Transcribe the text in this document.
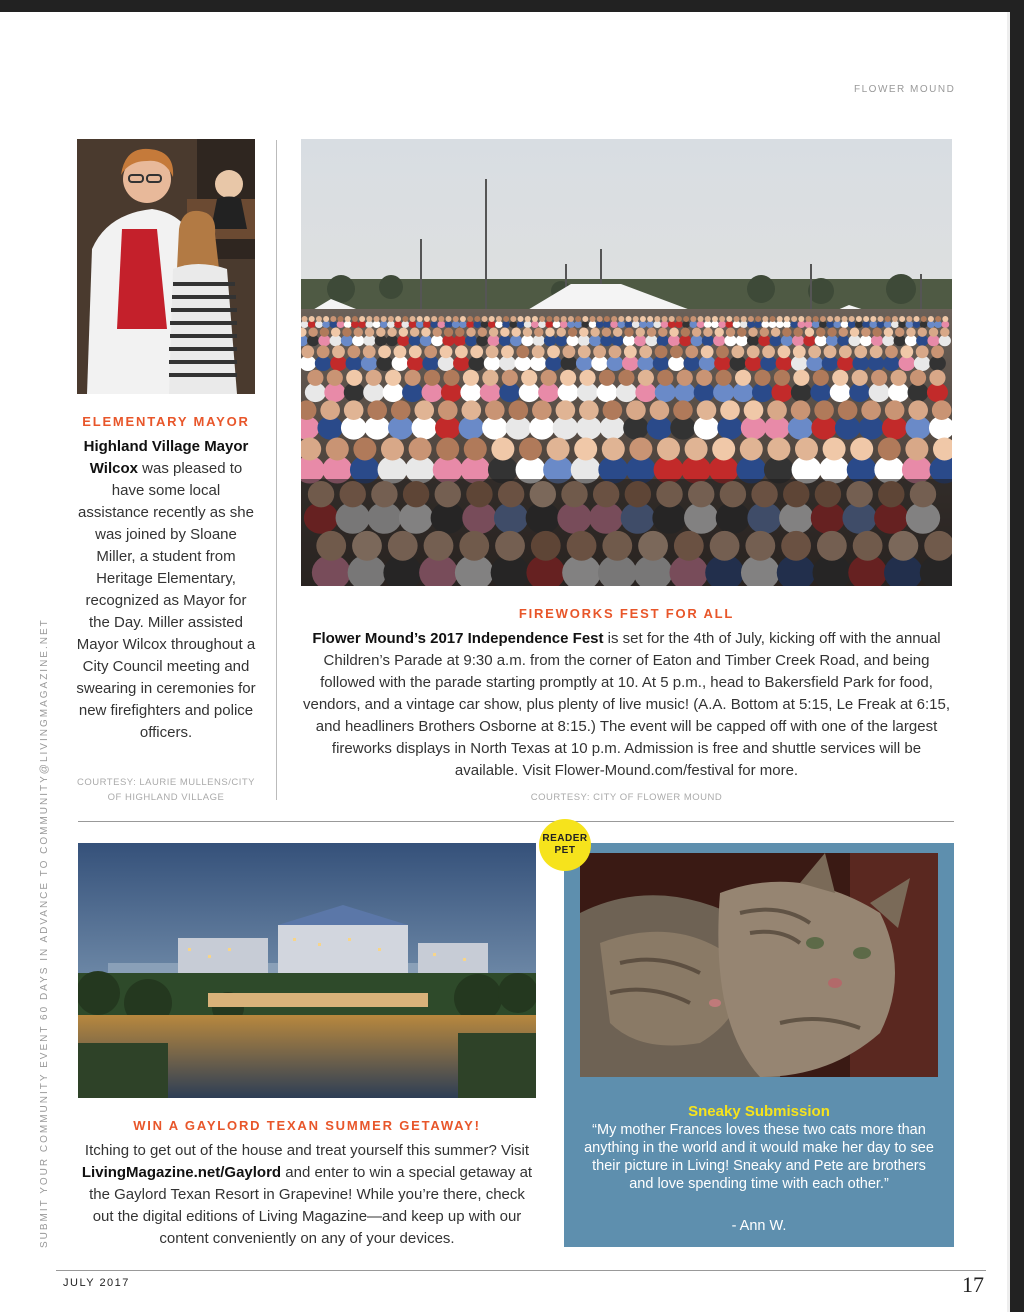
FLOWER MOUND
SUBMIT YOUR COMMUNITY EVENT 60 DAYS IN ADVANCE TO COMMUNITY@LIVINGMAGAZINE.NET
ELEMENTARY MAYOR
Highland Village Mayor Wilcox was pleased to have some local assistance recently as she was joined by Sloane Miller, a student from Heritage Elementary, recognized as Mayor for the Day. Miller assisted Mayor Wilcox throughout a City Council meeting and swearing in ceremonies for new firefighters and police officers.
COURTESY: LAURIE MULLENS/CITY OF HIGHLAND VILLAGE
FIREWORKS FEST FOR ALL
Flower Mound’s 2017 Independence Fest is set for the 4th of July, kicking off with the annual Children’s Parade at 9:30 a.m. from the corner of Eaton and Timber Creek Road, and being followed with the parade starting promptly at 10. At 5 p.m., head to Bakersfield Park for food, vendors, and a vintage car show, plus plenty of live music! (A.A. Bottom at 5:15, Le Freak at 6:15, and headliners Brothers Osborne at 8:15.) The event will be capped off with one of the largest fireworks displays in North Texas at 10 p.m. Admission is free and shuttle services will be available. Visit Flower-Mound.com/festival for more.
COURTESY: CITY OF FLOWER MOUND
WIN A GAYLORD TEXAN SUMMER GETAWAY!
Itching to get out of the house and treat yourself this summer? Visit LivingMagazine.net/Gaylord and enter to win a special getaway at the Gaylord Texan Resort in Grapevine! While you’re there, check out the digital editions of Living Magazine—and keep up with our content conveniently on any of your devices.
READER PET
Sneaky Submission
“My mother Frances loves these two cats more than anything in the world and it would make her day to see their picture in Living! Sneaky and Pete are brothers and love spending time with each other.”
- Ann W.
JULY 2017	17
